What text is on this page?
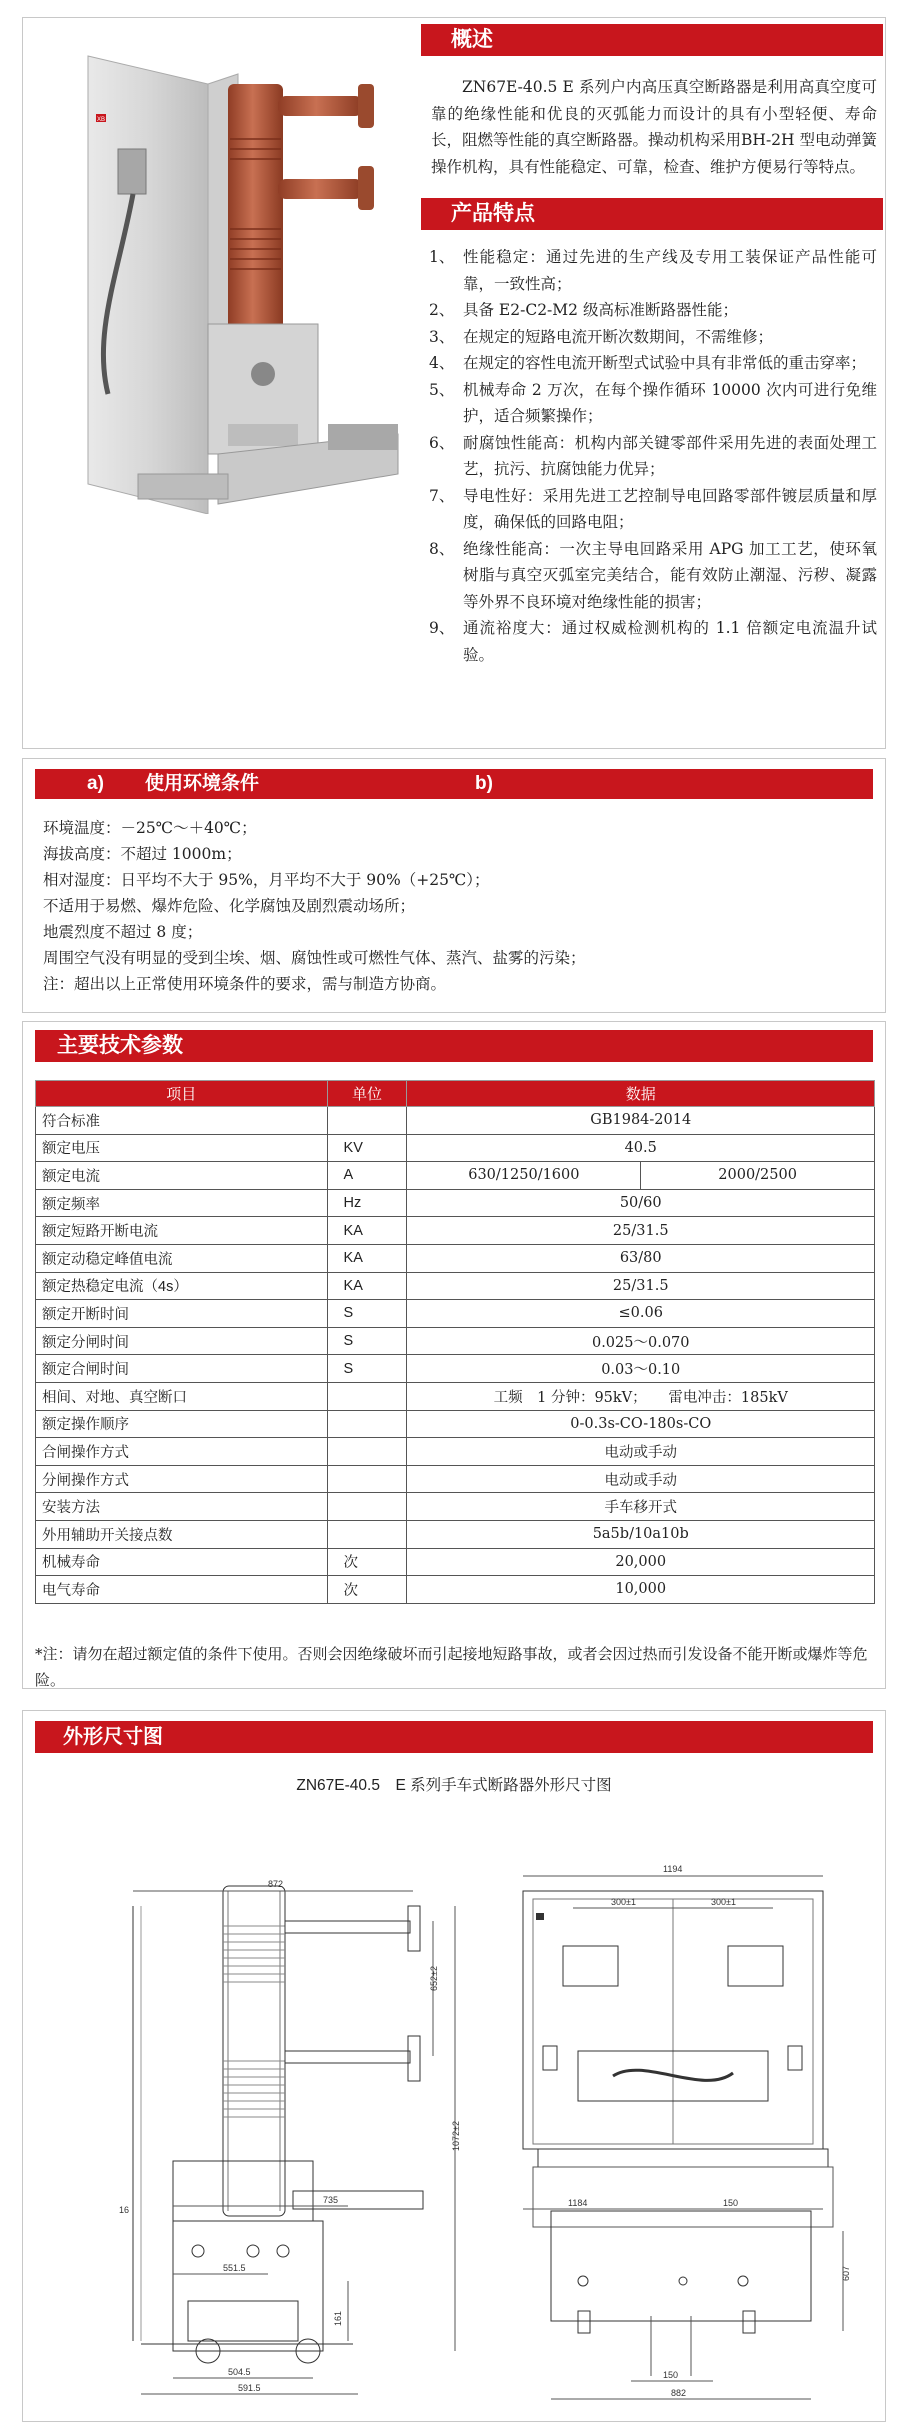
XB
概述

ZN67E-40.5 E 系列户内高压真空断路器是利用高真空度可靠的绝缘性能和优良的灭弧能力而设计的具有小型轻便、寿命长，阻燃等性能的真空断路器。操动机构采用BH-2H 型电动弹簧操作机构，具有性能稳定、可靠，检查、维护方便易行等特点。

产品特点
1、 性能稳定：通过先进的生产线及专用工装保证产品性能可靠，一致性高；
2、 具备 E2-C2-M2 级高标准断路器性能；
3、 在规定的短路电流开断次数期间，不需维修；
4、 在规定的容性电流开断型式试验中具有非常低的重击穿率；
5、 机械寿命 2 万次，在每个操作循环 10000 次内可进行免维护，适合频繁操作；
6、 耐腐蚀性能高：机构内部关键零部件采用先进的表面处理工艺，抗污、抗腐蚀能力优异；
7、 导电性好：采用先进工艺控制导电回路零部件镀层质量和厚度，确保低的回路电阻；
8、 绝缘性能高：一次主导电回路采用 APG 加工工艺，使环氧树脂与真空灭弧室完美结合，能有效防止潮湿、污秽、凝露等外界不良环境对绝缘性能的损害；
9、 通流裕度大：通过权威检测机构的 1.1 倍额定电流温升试验。
a) 使用环境条件	b)
环境温度：－25℃～＋40℃；
海拔高度：不超过 1000m；
相对湿度：日平均不大于 95%，月平均不大于 90%（+25℃）；
不适用于易燃、爆炸危险、化学腐蚀及剧烈震动场所；
地震烈度不超过 8 度；
周围空气没有明显的受到尘埃、烟、腐蚀性或可燃性气体、蒸汽、盐雾的污染；
注：超出以上正常使用环境条件的要求，需与制造方协商。
主要技术参数
项目	单位	数据	
符合标准		GB1984-2014	
额定电压	KV	40.5	
额定电流	A	630/1250/1600	2000/2500
额定频率	Hz	50/60	
额定短路开断电流	KA	25/31.5	
额定动稳定峰值电流	KA	63/80	
额定热稳定电流（4s）	KA	25/31.5	
额定开断时间	S	≤0.06	
额定分闸时间	S	0.025～0.070	
额定合闸时间	S	0.03～0.10	
相间、对地、真空断口		工频　1 分钟：95kV；　　雷电冲击：185kV	
额定操作顺序		0-0.3s-CO-180s-CO	
合闸操作方式		电动或手动	
分闸操作方式		电动或手动	
安装方法		手车移开式	
外用辅助开关接点数		5a5b/10a10b	
机械寿命	次	20,000	
电气寿命	次	10,000	

*注：请勿在超过额定值的条件下使用。否则会因绝缘破坏而引起接地短路事故，或者会因过热而引发设备不能开断或爆炸等危险。

外形尺寸图
ZN67E-40.5　E 系列手车式断路器外形尺寸图
872
652±2
1072±2
16
735
551.5
504.5
591.5
161
1194
300±1	300±1
1184	150
150
882
607
